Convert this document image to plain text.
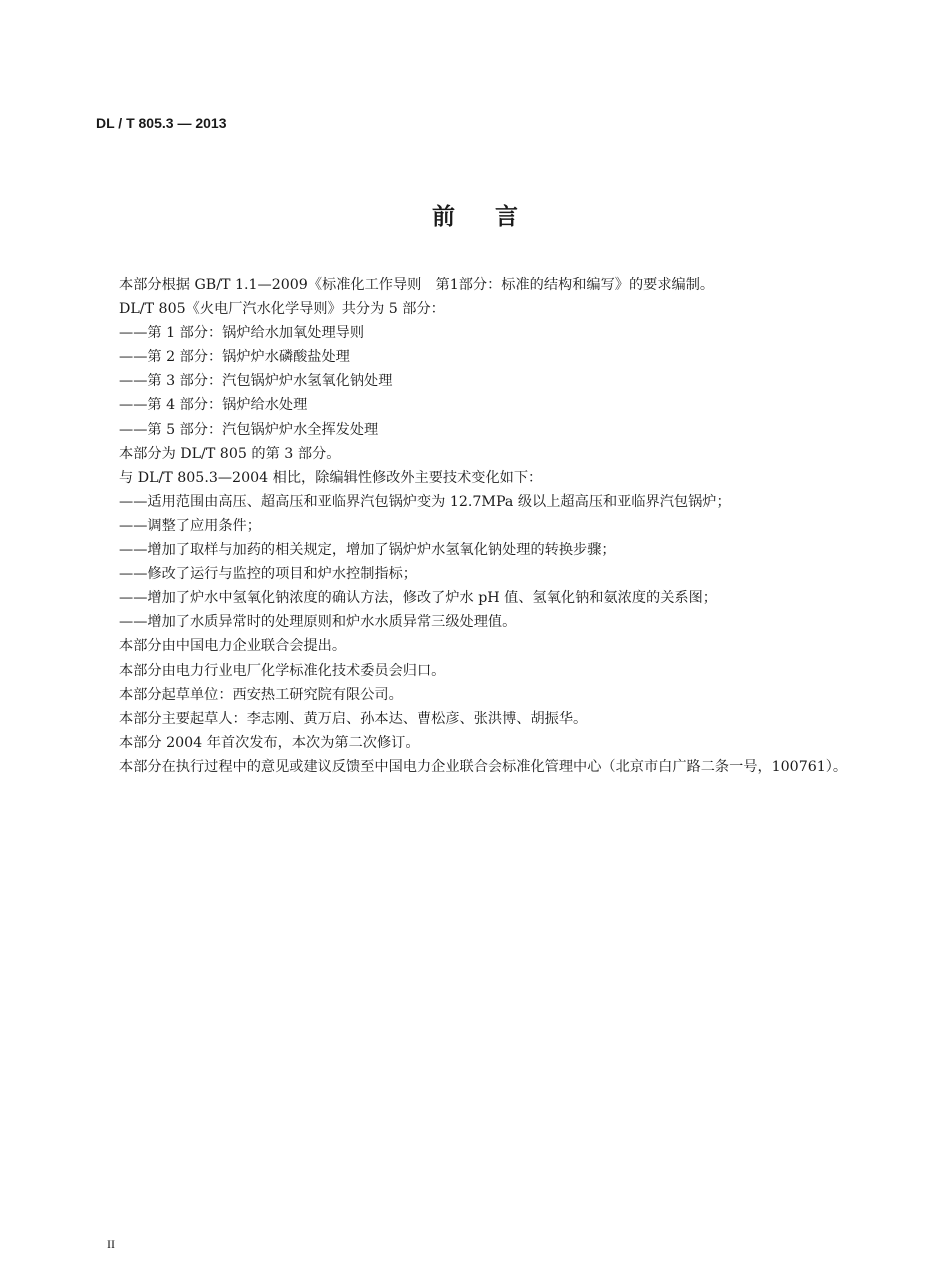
DL / T 805.3 — 2013
前言

本部分根据 GB/T 1.1—2009《标准化工作导则　第1部分：标准的结构和编写》的要求编制。

DL/T 805《火电厂汽水化学导则》共分为 5 部分：

——第 1 部分：锅炉给水加氧处理导则

——第 2 部分：锅炉炉水磷酸盐处理

——第 3 部分：汽包锅炉炉水氢氧化钠处理

——第 4 部分：锅炉给水处理

——第 5 部分：汽包锅炉炉水全挥发处理

本部分为 DL/T 805 的第 3 部分。

与 DL/T 805.3—2004 相比，除编辑性修改外主要技术变化如下：

——适用范围由高压、超高压和亚临界汽包锅炉变为 12.7MPa 级以上超高压和亚临界汽包锅炉；

——调整了应用条件；

——增加了取样与加药的相关规定，增加了锅炉炉水氢氧化钠处理的转换步骤；

——修改了运行与监控的项目和炉水控制指标；

——增加了炉水中氢氧化钠浓度的确认方法，修改了炉水 pH 值、氢氧化钠和氨浓度的关系图；

——增加了水质异常时的处理原则和炉水水质异常三级处理值。

本部分由中国电力企业联合会提出。

本部分由电力行业电厂化学标准化技术委员会归口。

本部分起草单位：西安热工研究院有限公司。

本部分主要起草人：李志刚、黄万启、孙本达、曹松彦、张洪博、胡振华。

本部分 2004 年首次发布，本次为第二次修订。

本部分在执行过程中的意见或建议反馈至中国电力企业联合会标准化管理中心（北京市白广路二条一号，100761）。

II
